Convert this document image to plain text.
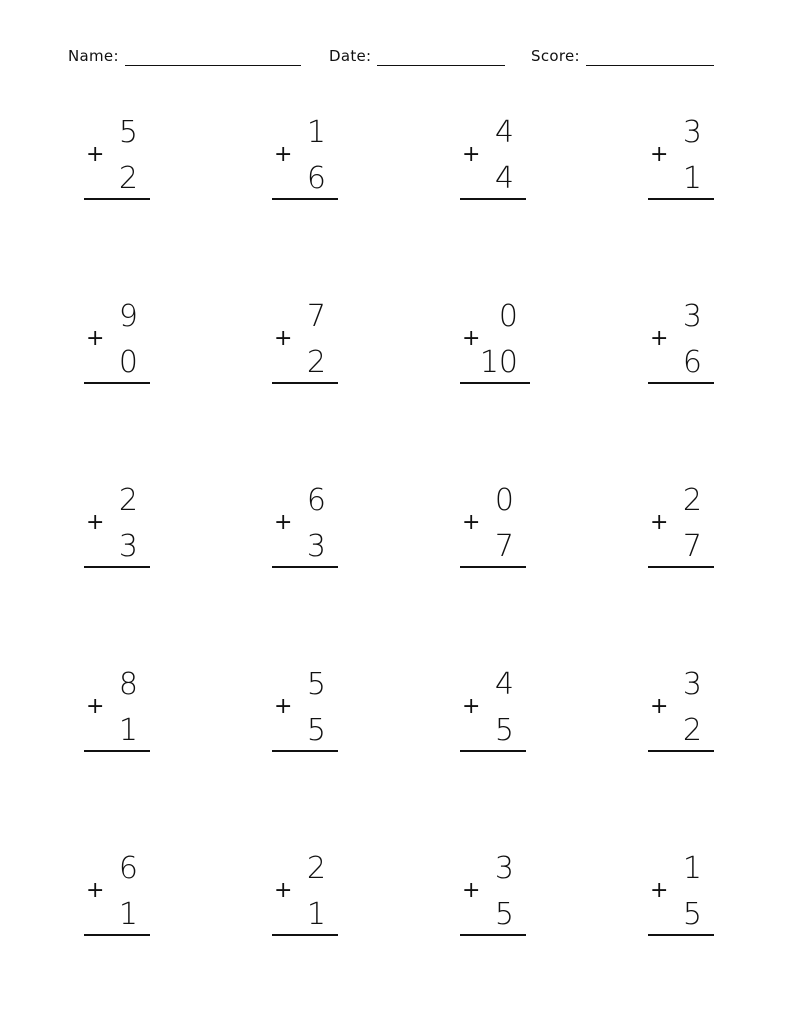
Name:	Date:	Score:
5
+
2
1
+
6
4
+
4
3
+
1
9
+
0
7
+
2
0
+
10
3
+
6
2
+
3
6
+
3
0
+
7
2
+
7
8
+
1
5
+
5
4
+
5
3
+
2
6
+
1
2
+
1
3
+
5
1
+
5
